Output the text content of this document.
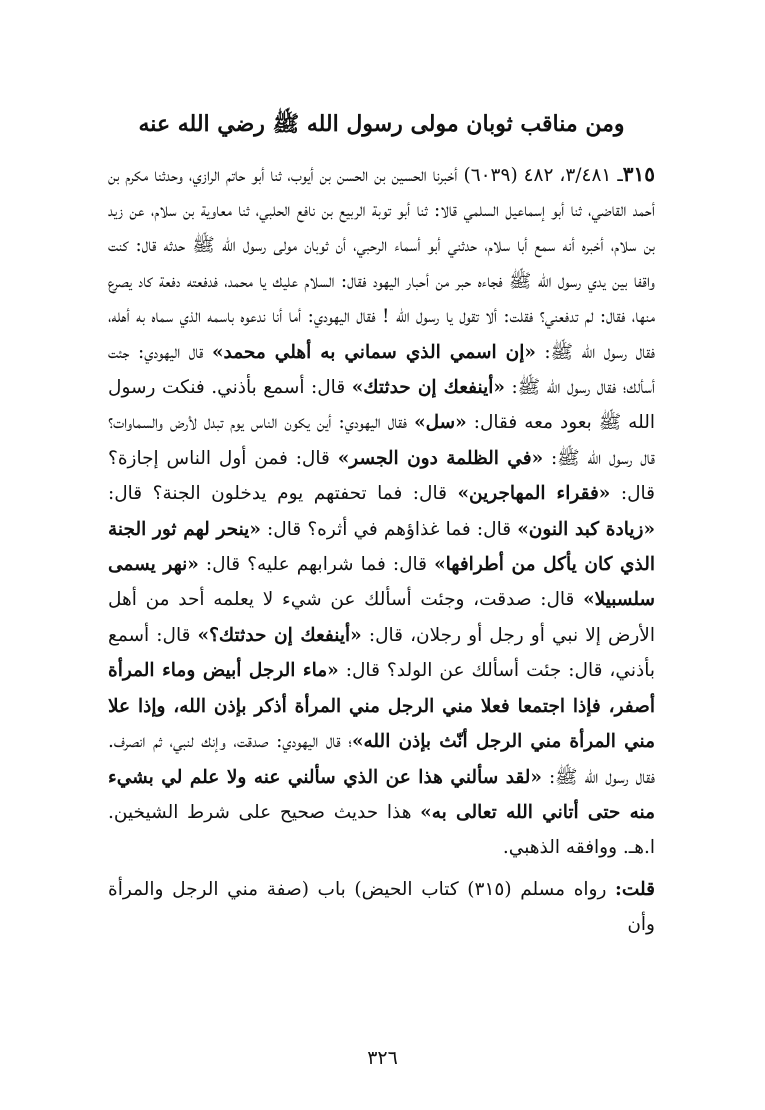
ومن مناقب ثوبان مولى رسول الله ﷺ رضي الله عنه

٣١٥ـ ٣/٤٨١، ٤٨٢ (٦٠٣٩) أخبرنا الحسين بن الحسن بن أيوب، ثنا أبو حاتم الرازي، وحدثنا مكرم بن أحمد القاضي، ثنا أبو إسماعيل السلمي قالا: ثنا أبو توبة الربيع بن نافع الحلبي، ثنا معاوية بن سلام، عن زيد بن سلام، أخبره أنه سمع أبا سلام، حدثني أبو أسماء الرحبي، أن ثوبان مولى رسول الله ﷺ حدثه قال: كنت واقفا بين يدي رسول الله ﷺ فجاءه حبر من أحبار اليهود فقال: السلام عليك يا محمد، فدفعته دفعة كاد يصرع منها، فقال: لم تدفعني؟ فقلت: ألا تقول يا رسول الله ! فقال اليهودي: أما أنا ندعوه باسمه الذي سماه به أهله، فقال رسول الله ﷺ: «إن اسمي الذي سماني به أهلي محمد» قال اليهودي: جئت أسألك؛ فقال رسول الله ﷺ: «أينفعك إن حدثتك» قال: أسمع بأذني. فنكت رسول الله ﷺ بعود معه فقال: «سل» فقال اليهودي: أين يكون الناس يوم تبدل لأرض والسماوات؟ قال رسول الله ﷺ: «في الظلمة دون الجسر» قال: فمن أول الناس إجازة؟ قال: «فقراء المهاجرين» قال: فما تحفتهم يوم يدخلون الجنة؟ قال: «زيادة كبد النون» قال: فما غذاؤهم في أثره؟ قال: «ينحر لهم ثور الجنة الذي كان يأكل من أطرافها» قال: فما شرابهم عليه؟ قال: «نهر يسمى سلسبيلا» قال: صدقت، وجئت أسألك عن شيء لا يعلمه أحد من أهل الأرض إلا نبي أو رجل أو رجلان، قال: «أينفعك إن حدثتك؟» قال: أسمع بأذني، قال: جئت أسألك عن الولد؟ قال: «ماء الرجل أبيض وماء المرأة أصفر، فإذا اجتمعا فعلا مني الرجل مني المرأة أذكر بإذن الله، وإذا علا مني المرأة مني الرجل أنّث بإذن الله»؛ قال اليهودي: صدقت، وإنك لنبي، ثم انصرف. فقال رسول الله ﷺ: «لقد سألني هذا عن الذي سألني عنه ولا علم لي بشيء منه حتى أتاني الله تعالى به» هذا حديث صحيح على شرط الشيخين. ا.هـ. ووافقه الذهبي.

قلت: رواه مسلم (٣١٥) كتاب الحيض) باب (صفة مني الرجل والمرأة وأن

٣٢٦
